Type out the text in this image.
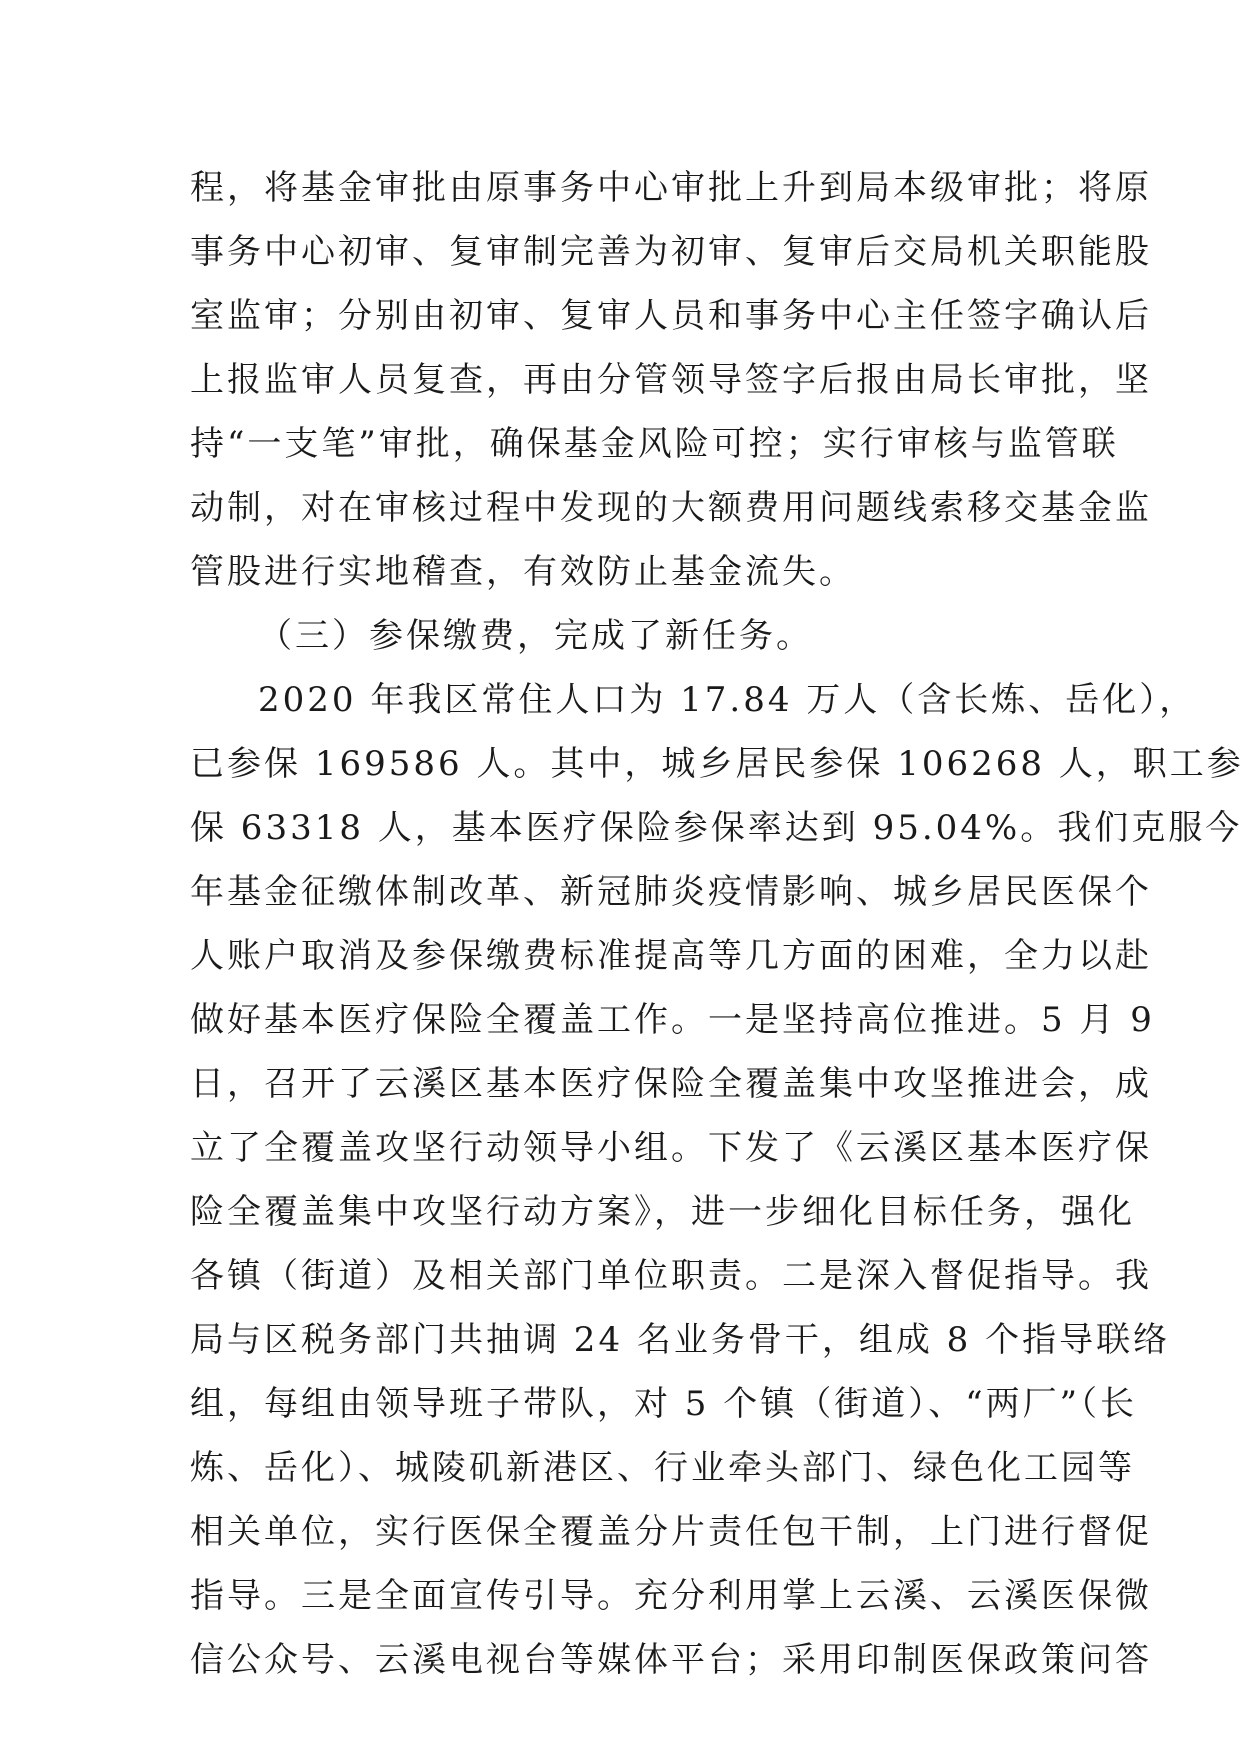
程，将基金审批由原事务中心审批上升到局本级审批；将原
事务中心初审、复审制完善为初审、复审后交局机关职能股
室监审；分别由初审、复审人员和事务中心主任签字确认后
上报监审人员复查，再由分管领导签字后报由局长审批，坚
持“一支笔”审批，确保基金风险可控；实行审核与监管联
动制，对在审核过程中发现的大额费用问题线索移交基金监
管股进行实地稽查，有效防止基金流失。
（三）参保缴费，完成了新任务。
2020 年我区常住人口为 17.84 万人（含长炼、岳化），
已参保 169586 人。其中，城乡居民参保 106268 人，职工参
保 63318 人，基本医疗保险参保率达到 95.04%。我们克服今
年基金征缴体制改革、新冠肺炎疫情影响、城乡居民医保个
人账户取消及参保缴费标准提高等几方面的困难，全力以赴
做好基本医疗保险全覆盖工作。一是坚持高位推进。5 月 9
日，召开了云溪区基本医疗保险全覆盖集中攻坚推进会，成
立了全覆盖攻坚行动领导小组。下发了《云溪区基本医疗保
险全覆盖集中攻坚行动方案》，进一步细化目标任务，强化
各镇（街道）及相关部门单位职责。二是深入督促指导。我
局与区税务部门共抽调 24 名业务骨干，组成 8 个指导联络
组，每组由领导班子带队，对 5 个镇（街道）、“两厂”（长
炼、岳化）、城陵矶新港区、行业牵头部门、绿色化工园等
相关单位，实行医保全覆盖分片责任包干制，上门进行督促
指导。三是全面宣传引导。充分利用掌上云溪、云溪医保微
信公众号、云溪电视台等媒体平台；采用印制医保政策问答
